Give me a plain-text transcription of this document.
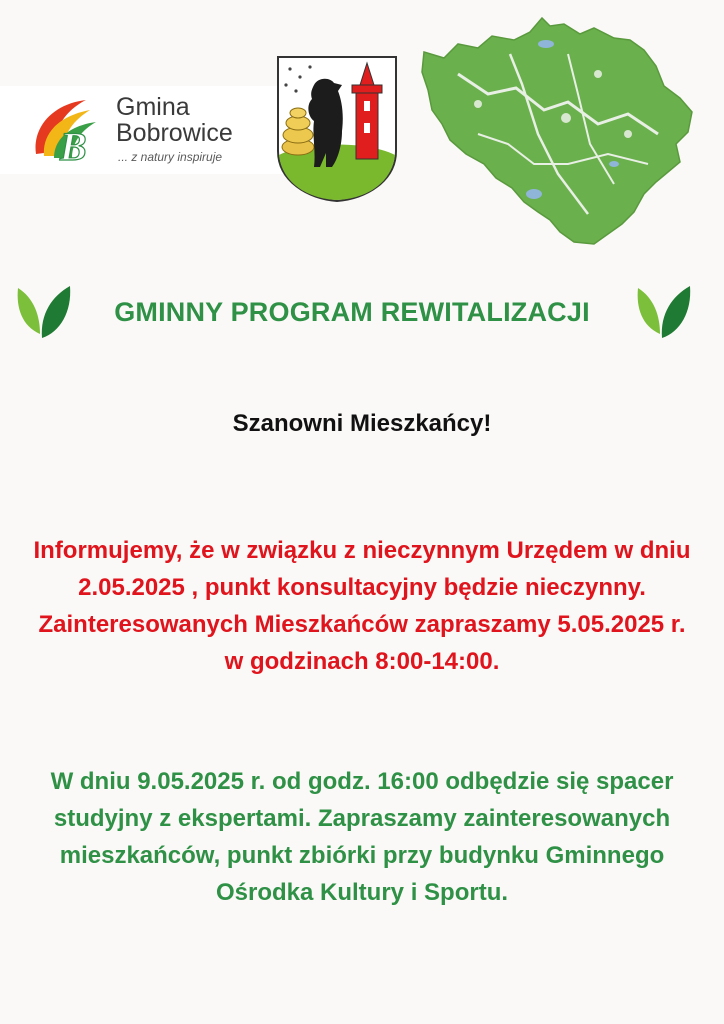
B
Gmina
Bobrowice
... z natury inspiruje
GMINNY PROGRAM REWITALIZACJI
Szanowni Mieszkańcy!
Informujemy, że w związku z nieczynnym Urzędem w dniu 2.05.2025 , punkt konsultacyjny będzie nieczynny. Zainteresowanych Mieszkańców zapraszamy 5.05.2025 r. w godzinach 8:00-14:00.
W dniu 9.05.2025 r. od godz. 16:00 odbędzie się spacer studyjny z ekspertami. Zapraszamy zainteresowanych mieszkańców, punkt zbiórki przy budynku Gminnego Ośrodka Kultury i Sportu.
